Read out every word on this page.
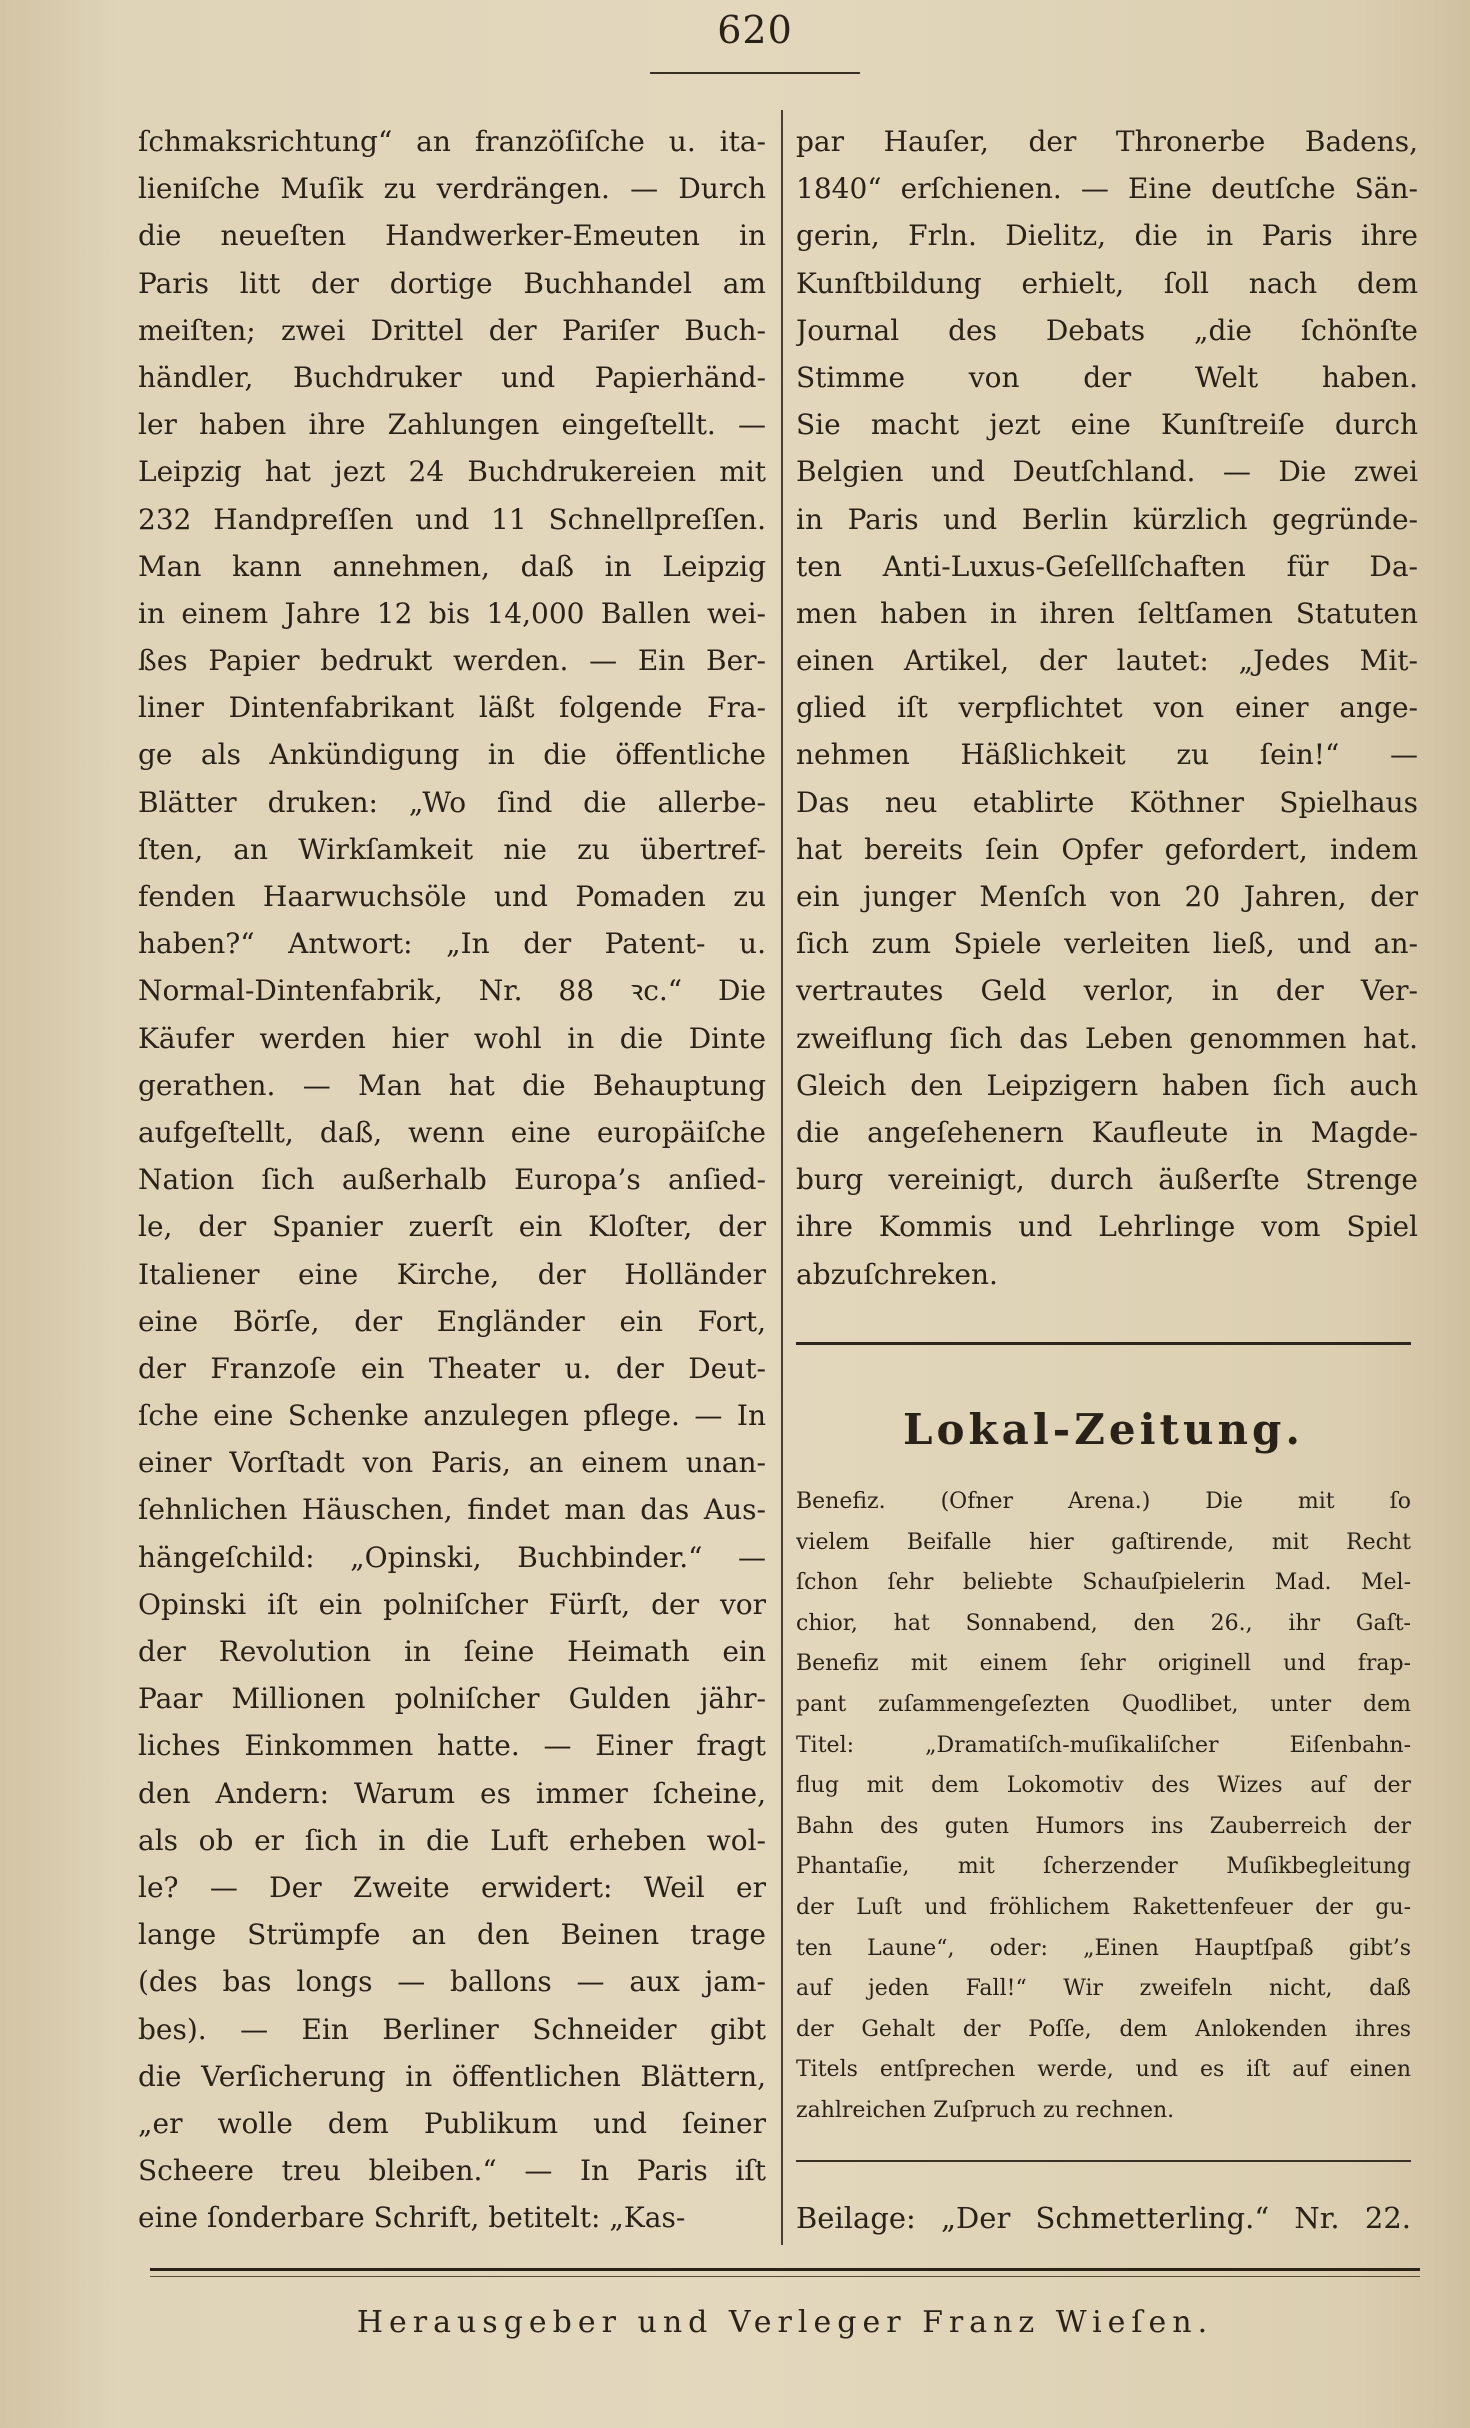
620
ſchmaksrichtung“ an franzöſiſche u. ita-
lieniſche Muſik zu verdrängen. — Durch
die neueſten Handwerker-Emeuten in
Paris litt der dortige Buchhandel am
meiſten; zwei Drittel der Pariſer Buch-
händler, Buchdruker und Papierhänd-
ler haben ihre Zahlungen eingeſtellt. —
Leipzig hat jezt 24 Buchdrukereien mit
232 Handpreſſen und 11 Schnellpreſſen.
Man kann annehmen, daß in Leipzig
in einem Jahre 12 bis 14,000 Ballen wei-
ßes Papier bedrukt werden. — Ein Ber-
liner Dintenfabrikant läßt folgende Fra-
ge als Ankündigung in die öffentliche
Blätter druken: „Wo ſind die allerbe-
ſten, an Wirkſamkeit nie zu übertref-
fenden Haarwuchsöle und Pomaden zu
haben?“ Antwort: „In der Patent- u.
Normal-Dintenfabrik, Nr. 88 ꝛc.“ Die
Käufer werden hier wohl in die Dinte
gerathen. — Man hat die Behauptung
aufgeſtellt, daß, wenn eine europäiſche
Nation ſich außerhalb Europa’s anſied-
le, der Spanier zuerſt ein Kloſter, der
Italiener eine Kirche, der Holländer
eine Börſe, der Engländer ein Fort,
der Franzoſe ein Theater u. der Deut-
ſche eine Schenke anzulegen pflege. — In
einer Vorſtadt von Paris, an einem unan-
ſehnlichen Häuschen, findet man das Aus-
hängeſchild: „Opinski, Buchbinder.“ —
Opinski iſt ein polniſcher Fürſt, der vor
der Revolution in ſeine Heimath ein
Paar Millionen polniſcher Gulden jähr-
liches Einkommen hatte. — Einer fragt
den Andern: Warum es immer ſcheine,
als ob er ſich in die Luft erheben wol-
le? — Der Zweite erwidert: Weil er
lange Strümpfe an den Beinen trage
(des bas longs — ballons — aux jam-
bes). — Ein Berliner Schneider gibt
die Verſicherung in öffentlichen Blättern,
„er wolle dem Publikum und ſeiner
Scheere treu bleiben.“ — In Paris iſt
eine ſonderbare Schrift, betitelt: „Kas-
par Hauſer, der Thronerbe Badens,
1840“ erſchienen. — Eine deutſche Sän-
gerin, Frln. Dielitz, die in Paris ihre
Kunſtbildung erhielt, ſoll nach dem
Journal des Debats „die ſchönſte
Stimme von der Welt haben.
Sie macht jezt eine Kunſtreiſe durch
Belgien und Deutſchland. — Die zwei
in Paris und Berlin kürzlich gegründe-
ten Anti-Luxus-Geſellſchaften für Da-
men haben in ihren ſeltſamen Statuten
einen Artikel, der lautet: „Jedes Mit-
glied iſt verpflichtet von einer ange-
nehmen Häßlichkeit zu ſein!“ —
Das neu etablirte Köthner Spielhaus
hat bereits ſein Opfer gefordert, indem
ein junger Menſch von 20 Jahren, der
ſich zum Spiele verleiten ließ, und an-
vertrautes Geld verlor, in der Ver-
zweiflung ſich das Leben genommen hat.
Gleich den Leipzigern haben ſich auch
die angeſehenern Kaufleute in Magde-
burg vereinigt, durch äußerſte Strenge
ihre Kommis und Lehrlinge vom Spiel
abzuſchreken.
Lokal-Zeitung.
Benefiz. (Ofner Arena.) Die mit ſo
vielem Beifalle hier gaſtirende, mit Recht
ſchon ſehr beliebte Schauſpielerin Mad. Mel-
chior, hat Sonnabend, den 26., ihr Gaſt-
Benefiz mit einem ſehr originell und frap-
pant zuſammengeſezten Quodlibet, unter dem
Titel: „Dramatiſch-muſikaliſcher Eiſenbahn-
flug mit dem Lokomotiv des Wizes auf der
Bahn des guten Humors ins Zauberreich der
Phantaſie, mit ſcherzender Muſikbegleitung
der Luſt und fröhlichem Rakettenfeuer der gu-
ten Laune“, oder: „Einen Hauptſpaß gibt’s
auf jeden Fall!“ Wir zweifeln nicht, daß
der Gehalt der Poſſe, dem Anlokenden ihres
Titels entſprechen werde, und es iſt auf einen
zahlreichen Zuſpruch zu rechnen.
Beilage: „Der Schmetterling.“ Nr. 22.
Herausgeber und Verleger Franz Wieſen.
